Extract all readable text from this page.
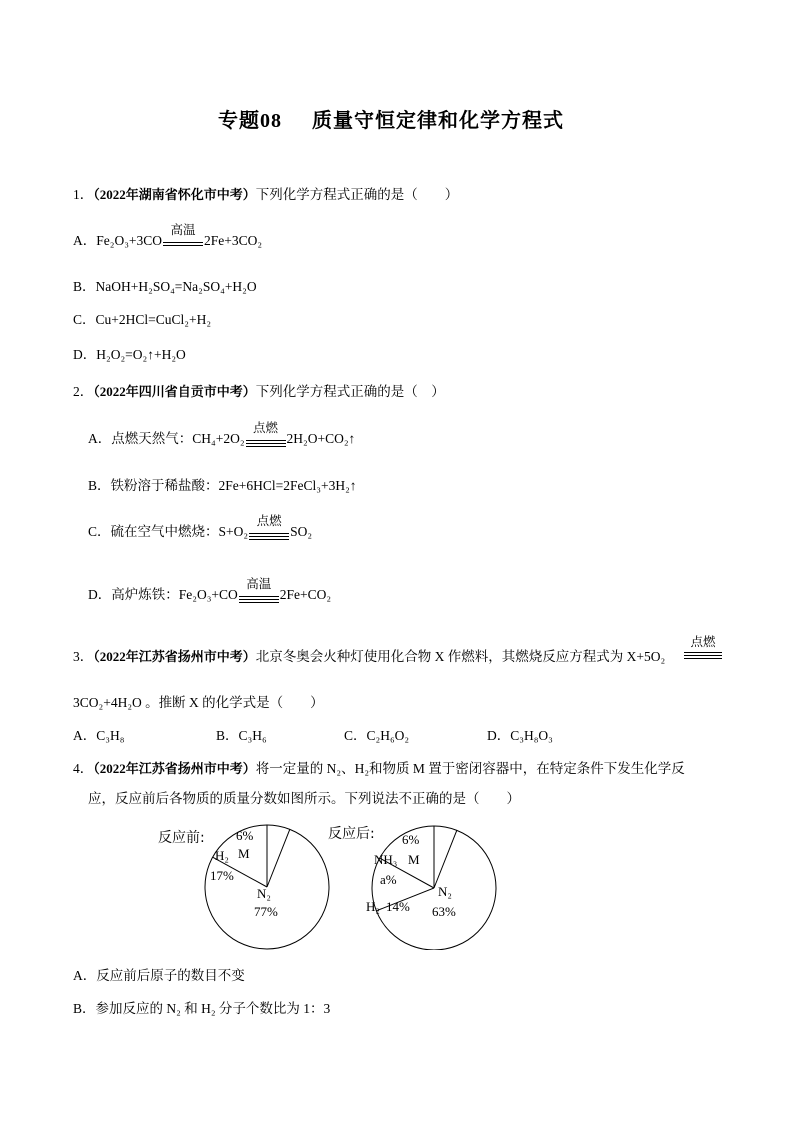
专题08 质量守恒定律和化学方程式
1．（2022年湖南省怀化市中考）下列化学方程式正确的是（　　）
A．Fe₂O₃+3CO
高温
2Fe+3CO₂
B．NaOH+H₂SO₄=Na₂SO₄+H₂O
C．Cu+2HCl=CuCl₂+H₂
D．H₂O₂=O₂↑+H₂O
2．（2022年四川省自贡市中考）下列化学方程式正确的是（　）
A．点燃天然气：CH₄+2O₂
点燃
2H₂O+CO₂↑
B．铁粉溶于稀盐酸：2Fe+6HCl=2FeCl₃+3H₂↑
C．硫在空气中燃烧：S+O₂
点燃
SO₂
D．高炉炼铁：Fe₂O₃+CO
高温
2Fe+CO₂
3．（2022年江苏省扬州市中考）北京冬奥会火种灯使用化合物 X 作燃料，其燃烧反应方程式为 X+5O₂
点燃
3CO₂+4H₂O 。推断 X 的化学式是（　　）
A．C₃H₈	B．C₃H₆	C．C₂H₆O₂	D．C₃H₈O₃
4．（2022年江苏省扬州市中考）将一定量的 N₂、H₂和物质 M 置于密闭容器中，在特定条件下发生化学反
应，反应前后各物质的质量分数如图所示。下列说法不正确的是（　　）
反应前:	反应后:
M
6%
N₂
77%
H₂
17%
M
6%
N₂
63%
H₂ 14%
NH₃
a%
A．反应前后原子的数目不变
B．参加反应的 N₂ 和 H₂ 分子个数比为 1：3
